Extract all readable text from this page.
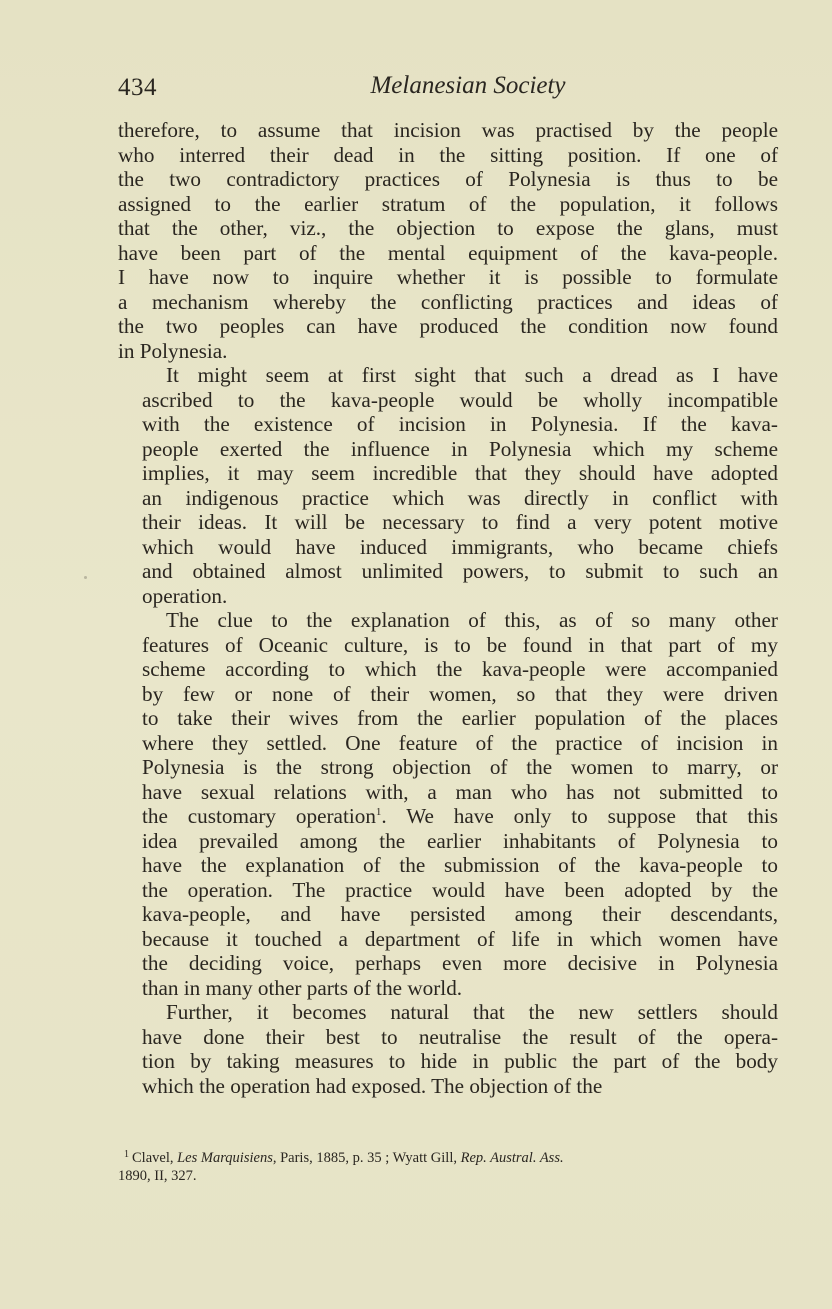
434	Melanesian Society
therefore, to assume that incision was practised by the people
who interred their dead in the sitting position. If one of
the two contradictory practices of Polynesia is thus to be
assigned to the earlier stratum of the population, it follows
that the other, viz., the objection to expose the glans, must
have been part of the mental equipment of the kava-people.
I have now to inquire whether it is possible to formulate
a mechanism whereby the conflicting practices and ideas of
the two peoples can have produced the condition now found
in Polynesia.
It might seem at first sight that such a dread as I have
ascribed to the kava-people would be wholly incompatible
with the existence of incision in Polynesia. If the kava-
people exerted the influence in Polynesia which my scheme
implies, it may seem incredible that they should have adopted
an indigenous practice which was directly in conflict with
their ideas. It will be necessary to find a very potent motive
which would have induced immigrants, who became chiefs
and obtained almost unlimited powers, to submit to such an
operation.
The clue to the explanation of this, as of so many other
features of Oceanic culture, is to be found in that part of my
scheme according to which the kava-people were accompanied
by few or none of their women, so that they were driven
to take their wives from the earlier population of the places
where they settled. One feature of the practice of incision in
Polynesia is the strong objection of the women to marry, or
have sexual relations with, a man who has not submitted to
the customary operation$^1$. We have only to suppose that this
idea prevailed among the earlier inhabitants of Polynesia to
have the explanation of the submission of the kava-people to
the operation. The practice would have been adopted by the
kava-people, and have persisted among their descendants,
because it touched a department of life in which women have
the deciding voice, perhaps even more decisive in Polynesia
than in many other parts of the world.
Further, it becomes natural that the new settlers should
have done their best to neutralise the result of the opera-
tion by taking measures to hide in public the part of the body
which the operation had exposed. The objection of the
$^1$ Clavel, Les Marquisiens, Paris, 1885, p. 35 ; Wyatt Gill, Rep. Austral. Ass.
1890, II, 327.
